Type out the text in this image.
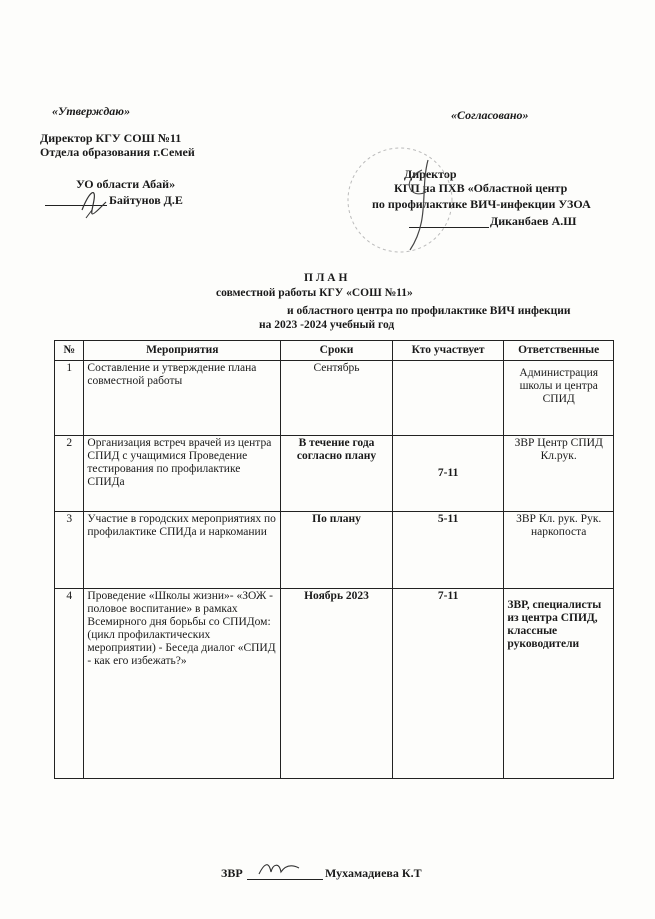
«Утверждаю»
Директор КГУ СОШ №11
Отдела образования г.Семей
УО области Абай»
Байтунов Д.Е
«Согласовано»
Директор
КГП на ПХВ «Областной центр
по профилактике ВИЧ-инфекции УЗОА
Диканбаев А.Ш
П Л А Н
совместной работы КГУ «СОШ №11»
и областного центра по профилактике ВИЧ инфекции
на 2023 -2024 учебный год
№	Мероприятия	Сроки	Кто участвует	Ответственные
1	Составление и утверждение плана совместной работы	Сентябрь		Администрация школы и центра СПИД
2	Организация встреч врачей из центра СПИД с учащимися Проведение тестирования по профилактике СПИДа	В течение года согласно плану	7-11	ЗВР Центр СПИД Кл.рук.
3	Участие в городских мероприятиях по профилактике СПИДа и наркомании	По плану	5-11	ЗВР Кл. рук. Рук. наркопоста
4	Проведение «Школы жизни»- «ЗОЖ - половое воспитание» в рамках Всемирного дня борьбы со СПИДом: (цикл профилактических мероприятии) - Беседа диалог «СПИД - как его избежать?»	Ноябрь 2023	7-11	ЗВР, специалисты из центра СПИД, классные руководители
ЗВР	Мухамадиева К.Т
